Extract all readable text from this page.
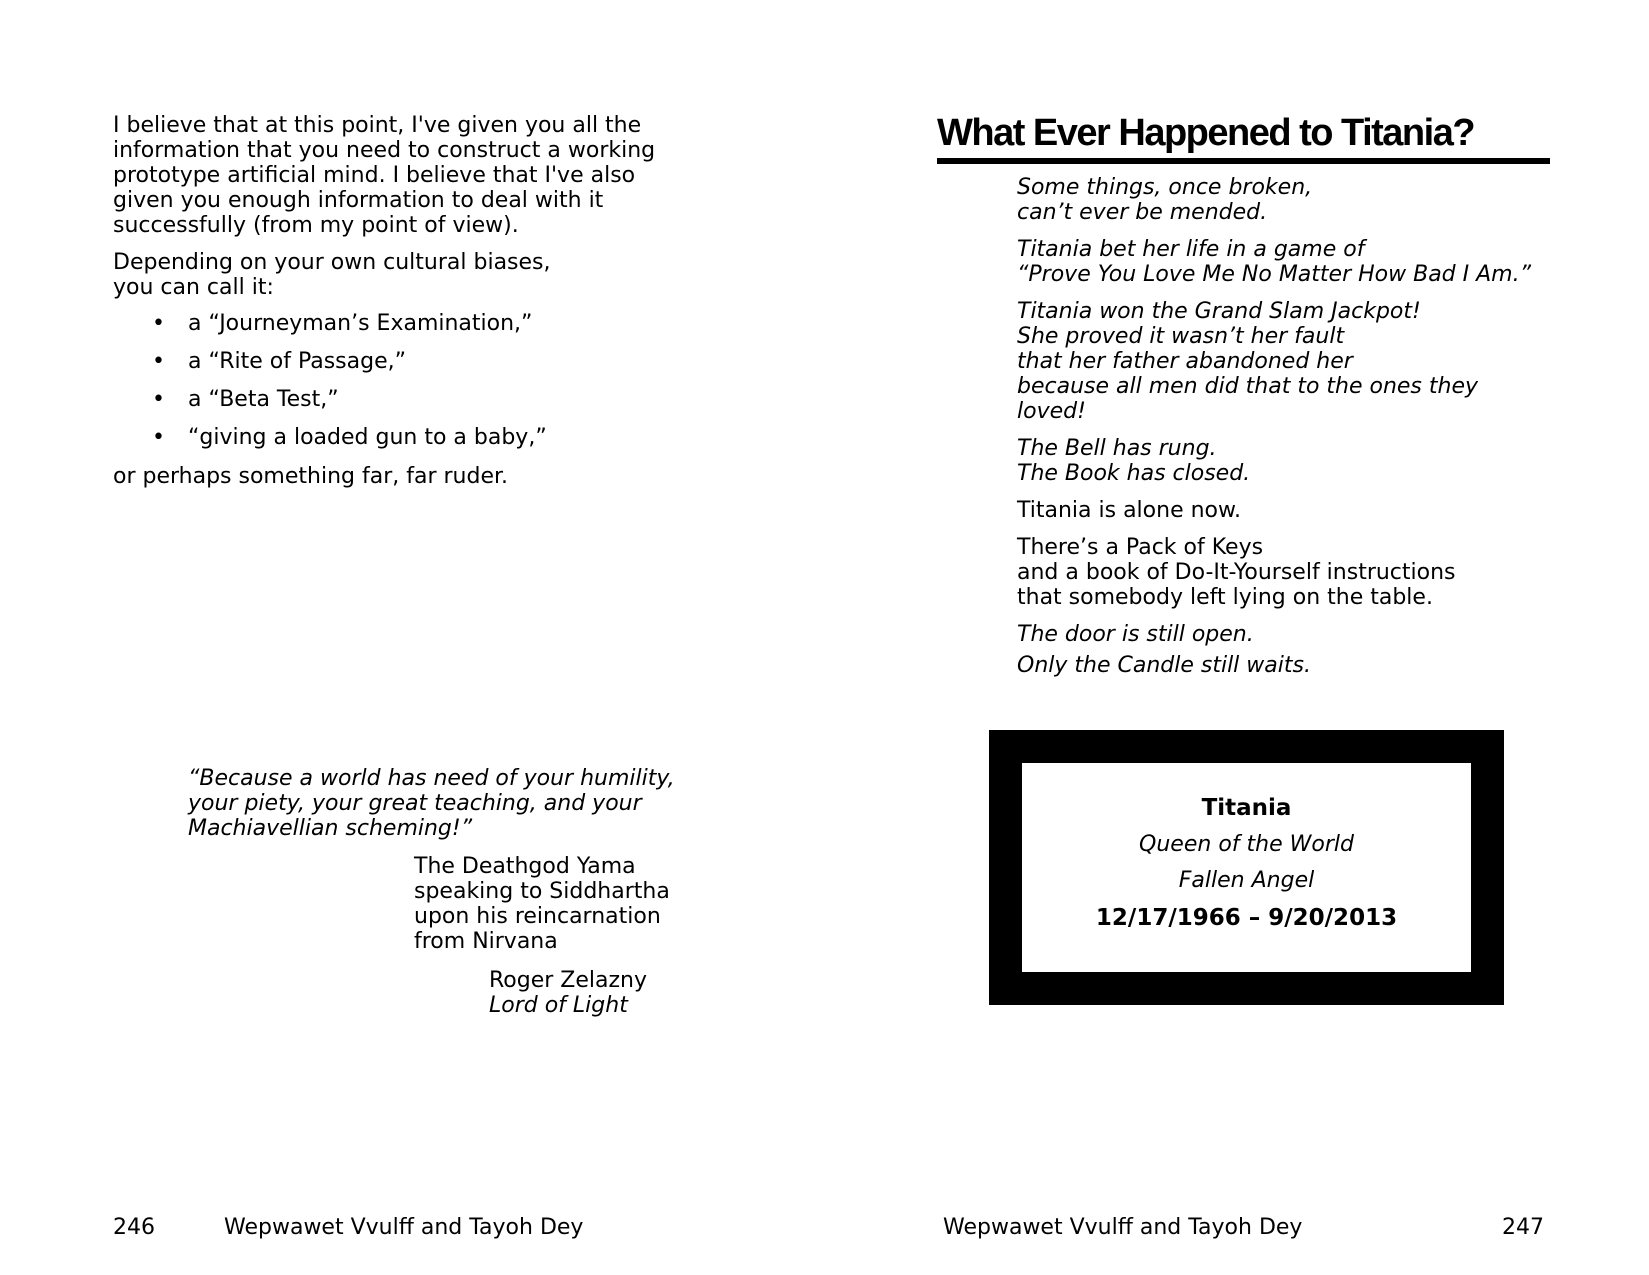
I believe that at this point, I've given you all the
information that you need to construct a working
prototype artificial mind. I believe that I've also
given you enough information to deal with it
successfully (from my point of view).

Depending on your own cultural biases,
you can call it:

• a “Journeyman’s Examination,”
• a “Rite of Passage,”
• a “Beta Test,”
• “giving a loaded gun to a baby,”

or perhaps something far, far ruder.

“Because a world has need of your humility,
your piety, your great teaching, and your
Machiavellian scheming!”

The Deathgod Yama
speaking to Siddhartha
upon his reincarnation
from Nirvana

Roger Zelazny
Lord of Light

246	Wepwawet Vvulff and Tayoh Dey
What Ever Happened to Titania?

Some things, once broken,
can’t ever be mended.

Titania bet her life in a game of
“Prove You Love Me No Matter How Bad I Am.”

Titania won the Grand Slam Jackpot!
She proved it wasn’t her fault
that her father abandoned her
because all men did that to the ones they
loved!

The Bell has rung.
The Book has closed.

Titania is alone now.

There’s a Pack of Keys
and a book of Do-It-Yourself instructions
that somebody left lying on the table.

The door is still open.

Only the Candle still waits.

Titania
Queen of the World
Fallen Angel
12/17/1966 – 9/20/2013
Wepwawet Vvulff and Tayoh Dey	247
